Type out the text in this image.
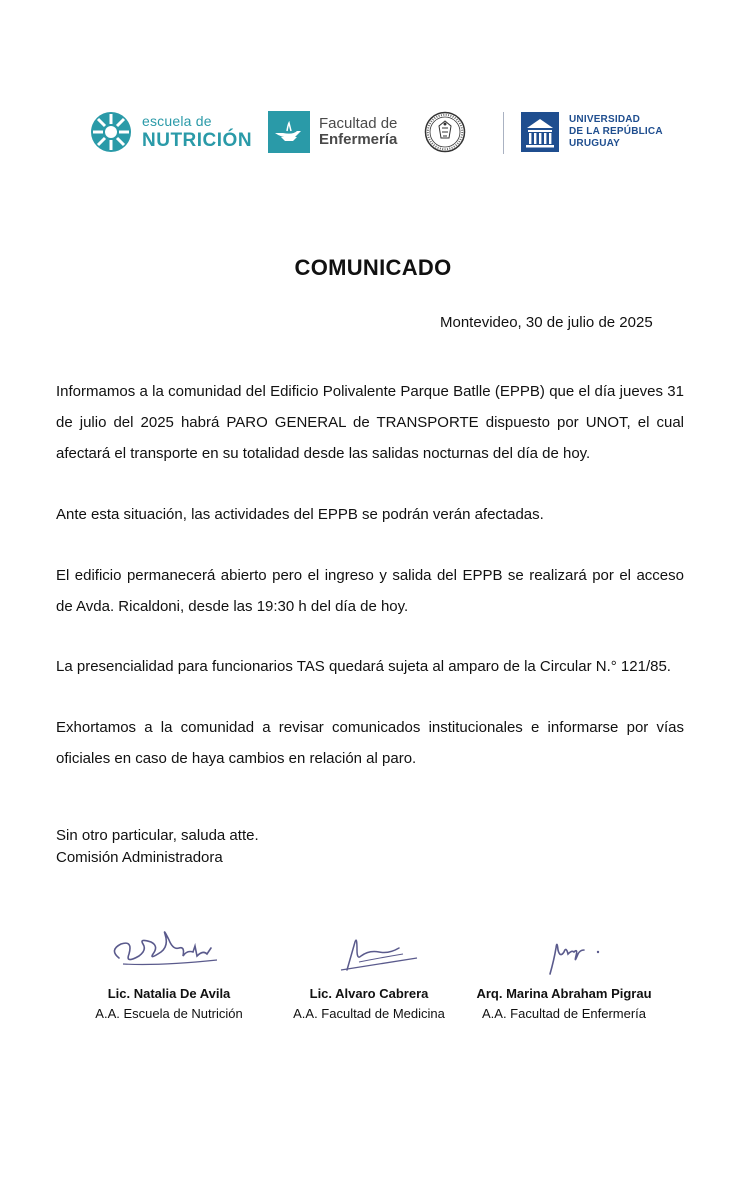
escuela de
NUTRICIÓN
Facultad de
Enfermería
UNIVERSIDAD
DE LA REPÚBLICA
URUGUAY
COMUNICADO
Montevideo, 30 de julio de 2025

Informamos a la comunidad del Edificio Polivalente Parque Batlle (EPPB) que el día jueves 31 de julio del 2025 habrá PARO GENERAL de TRANSPORTE dispuesto por UNOT, el cual afectará el transporte en su totalidad desde las salidas nocturnas del día de hoy.

Ante esta situación, las actividades del EPPB se podrán verán afectadas.

El edificio permanecerá abierto pero el ingreso y salida del EPPB se realizará por el acceso de Avda. Ricaldoni, desde las 19:30 h del día de hoy.

La presencialidad para funcionarios TAS quedará sujeta al amparo de la Circular N.° 121/85.

Exhortamos a la comunidad a revisar comunicados institucionales e informarse por vías oficiales en caso de haya cambios en relación al paro.

Sin otro particular, saluda atte.
Comisión Administradora
Lic. Natalia De Avila
A.A. Escuela de Nutrición
Lic. Alvaro Cabrera
A.A. Facultad de Medicina
Arq. Marina Abraham Pigrau
A.A. Facultad de Enfermería
